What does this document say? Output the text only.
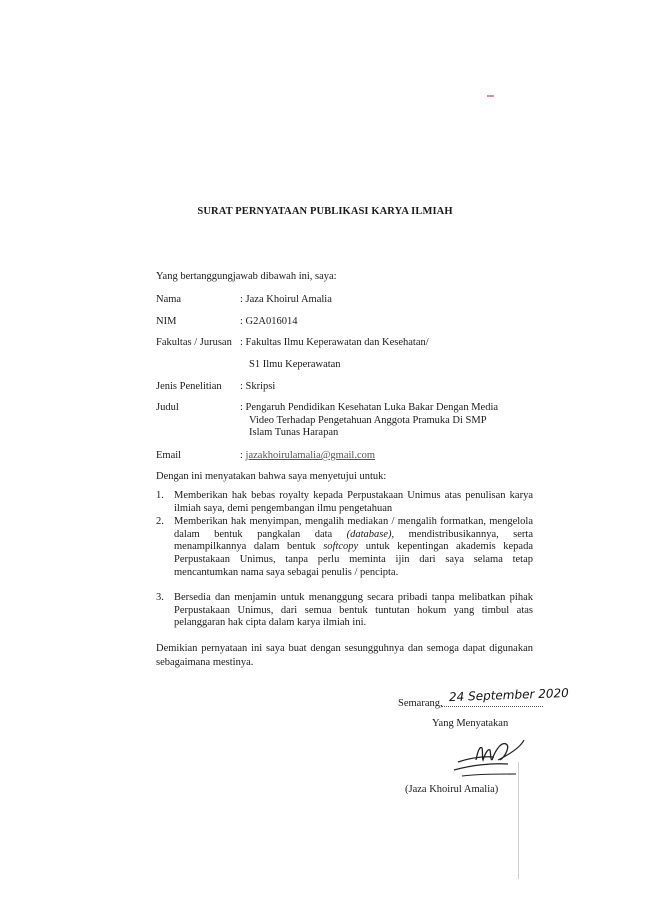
SURAT PERNYATAAN PUBLIKASI KARYA ILMIAH
Yang bertanggungjawab dibawah ini, saya:
Nama	: Jaza Khoirul Amalia
NIM	: G2A016014
Fakultas / Jurusan : Fakultas Ilmu Keperawatan dan Kesehatan/
S1 Ilmu Keperawatan
Jenis Penelitian : Skripsi
Judul	: Pengaruh Pendidikan Kesehatan Luka Bakar Dengan Media
Video Terhadap Pengetahuan Anggota Pramuka Di SMP
Islam Tunas Harapan
Email	: jazakhoirulamalia@gmail.com
Dengan ini menyatakan bahwa saya menyetujui untuk:
1. Memberikan hak bebas royalty kepada Perpustakaan Unimus atas penulisan karya ilmiah saya, demi pengembangan ilmu pengetahuan
2. Memberikan hak menyimpan, mengalih mediakan / mengalih formatkan, mengelola dalam bentuk pangkalan data (database), mendistribusikannya, serta menampilkannya dalam bentuk softcopy untuk kepentingan akademis kepada Perpustakaan Unimus, tanpa perlu meminta ijin dari saya selama tetap mencantumkan nama saya sebagai penulis / pencipta.
3. Bersedia dan menjamin untuk menanggung secara pribadi tanpa melibatkan pihak Perpustakaan Unimus, dari semua bentuk tuntutan hokum yang timbul atas pelanggaran hak cipta dalam karya ilmiah ini.
Demikian pernyataan ini saya buat dengan sesungguhnya dan semoga dapat digunakan sebagaimana mestinya.
Semarang, 24 September 2020
Yang Menyatakan
(Jaza Khoirul Amalia)
